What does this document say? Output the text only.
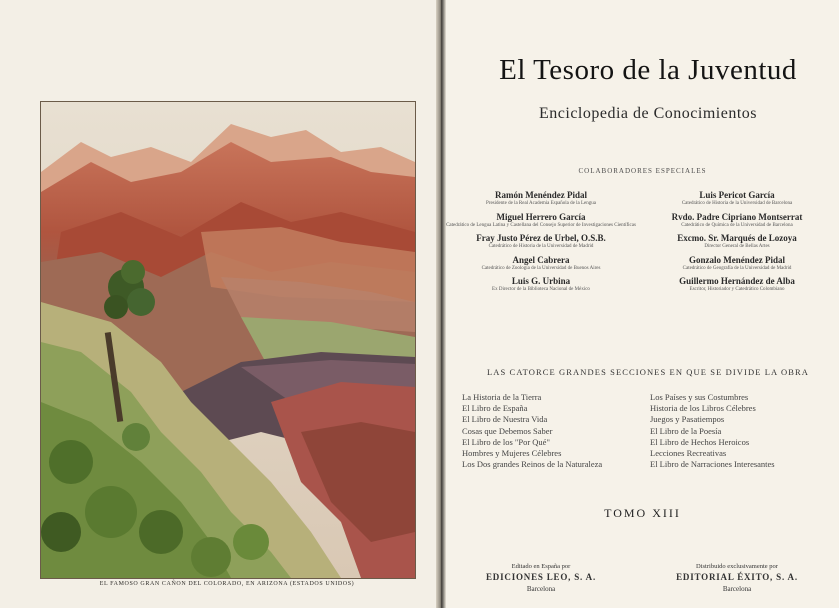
EL FAMOSO GRAN CAÑON DEL COLORADO, EN ARIZONA (ESTADOS UNIDOS)
El Tesoro de la Juventud
Enciclopedia de Conocimientos
COLABORADORES ESPECIALES
Ramón Menéndez Pidal
Presidente de la Real Academia Española de la Lengua
Miguel Herrero García
Catedrático de Lengua Latina y Castellana del Consejo Superior de Investigaciones Científicas
Fray Justo Pérez de Urbel, O.S.B.
Catedrático de Historia de la Universidad de Madrid
Angel Cabrera
Catedrático de Zoología de la Universidad de Buenos Aires
Luis G. Urbina
Ex Director de la Biblioteca Nacional de México
Luis Pericot García
Catedrático de Historia de la Universidad de Barcelona
Rvdo. Padre Cipriano Montserrat
Catedrático de Química de la Universidad de Barcelona
Excmo. Sr. Marqués de Lozoya
Director General de Bellas Artes
Gonzalo Menéndez Pidal
Catedrático de Geografía de la Universidad de Madrid
Guillermo Hernández de Alba
Escritor, Historiador y Catedrático Colombiano
LAS CATORCE GRANDES SECCIONES EN QUE SE DIVIDE LA OBRA
La Historia de la Tierra
El Libro de España
El Libro de Nuestra Vida
Cosas que Debemos Saber
El Libro de los "Por Qué"
Hombres y Mujeres Célebres
Los Dos grandes Reinos de la Naturaleza
Los Países y sus Costumbres
Historia de los Libros Célebres
Juegos y Pasatiempos
El Libro de la Poesía
El Libro de Hechos Heroicos
Lecciones Recreativas
El Libro de Narraciones Interesantes
TOMO XIII
Editado en España por
EDICIONES LEO, S. A.
Barcelona
Distribuido exclusivamente por
EDITORIAL ÉXITO, S. A.
Barcelona
